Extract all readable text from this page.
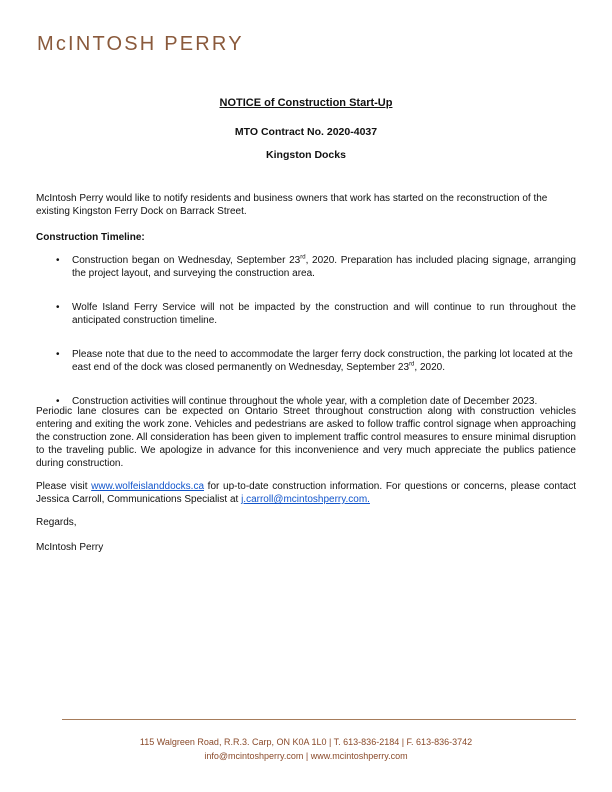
McINTOSH PERRY
NOTICE of Construction Start-Up
MTO Contract No. 2020-4037
Kingston Docks
McIntosh Perry would like to notify residents and business owners that work has started on the reconstruction of the existing Kingston Ferry Dock on Barrack Street.
Construction Timeline:
• Construction began on Wednesday, September 23rd, 2020. Preparation has included placing signage, arranging the project layout, and surveying the construction area.
• Wolfe Island Ferry Service will not be impacted by the construction and will continue to run throughout the anticipated construction timeline.
• Please note that due to the need to accommodate the larger ferry dock construction, the parking lot located at the east end of the dock was closed permanently on Wednesday, September 23rd, 2020.
• Construction activities will continue throughout the whole year, with a completion date of December 2023.
Periodic lane closures can be expected on Ontario Street throughout construction along with construction vehicles entering and exiting the work zone. Vehicles and pedestrians are asked to follow traffic control signage when approaching the construction zone. All consideration has been given to implement traffic control measures to ensure minimal disruption to the traveling public. We apologize in advance for this inconvenience and very much appreciate the publics patience during construction.
Please visit www.wolfeislanddocks.ca for up-to-date construction information. For questions or concerns, please contact Jessica Carroll, Communications Specialist at j.carroll@mcintoshperry.com.
Regards,
McIntosh Perry
115 Walgreen Road, R.R.3. Carp, ON K0A 1L0 | T. 613-836-2184 | F. 613-836-3742
info@mcintoshperry.com | www.mcintoshperry.com
